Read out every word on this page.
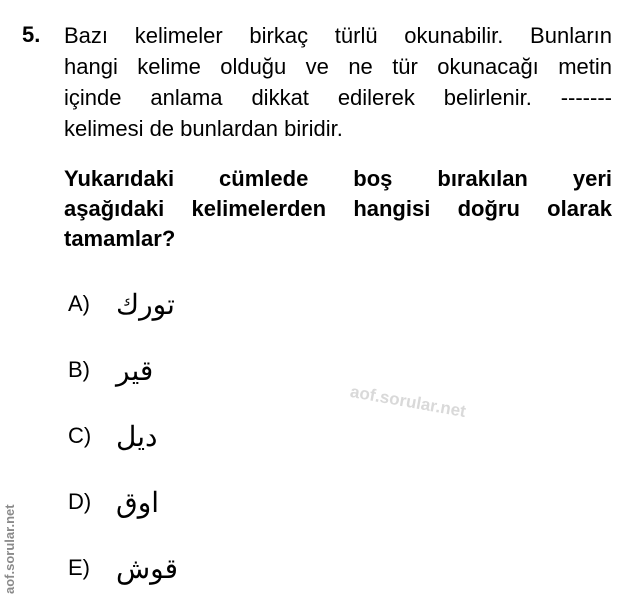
5. Bazı kelimeler birkaç türlü okunabilir. Bunların
hangi kelime olduğu ve ne tür okunacağı metin
içinde anlama dikkat edilerek belirlenir. -------
kelimesi de bunlardan biridir.
Yukarıdaki cümlede boş bırakılan yeri
aşağıdaki kelimelerden hangisi doğru olarak
tamamlar?
A) تورك
B) قير
C) ديل
D) اوق
E) قوش
aof.sorular.net
aof.sorular.net
